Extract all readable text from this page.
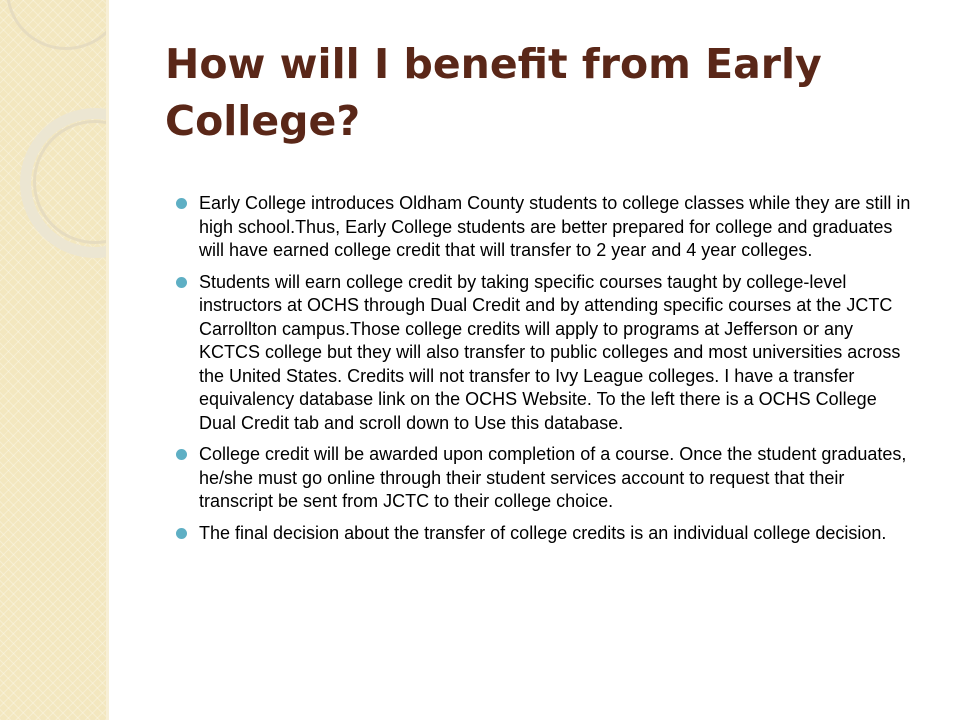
How will I benefit from Early College?
Early College introduces Oldham County students to college classes while they are still in high school.Thus, Early College students are better prepared for college and graduates will have earned college credit that will transfer to 2 year and 4 year colleges.
Students will earn college credit by taking specific courses taught by college-level instructors at OCHS through Dual Credit and by attending specific courses at the JCTC Carrollton campus.Those college credits will apply to programs at Jefferson or any KCTCS college but they will also transfer to public colleges and most universities across the United States. Credits will not transfer to Ivy League colleges. I have a transfer equivalency database link on the OCHS Website. To the left there is a OCHS College Dual Credit tab and scroll down to Use this database.
College credit will be awarded upon completion of a course. Once the student graduates, he/she must go online through their student services account to request that their transcript be sent from JCTC to their college choice.
The final decision about the transfer of college credits is an individual college decision.
